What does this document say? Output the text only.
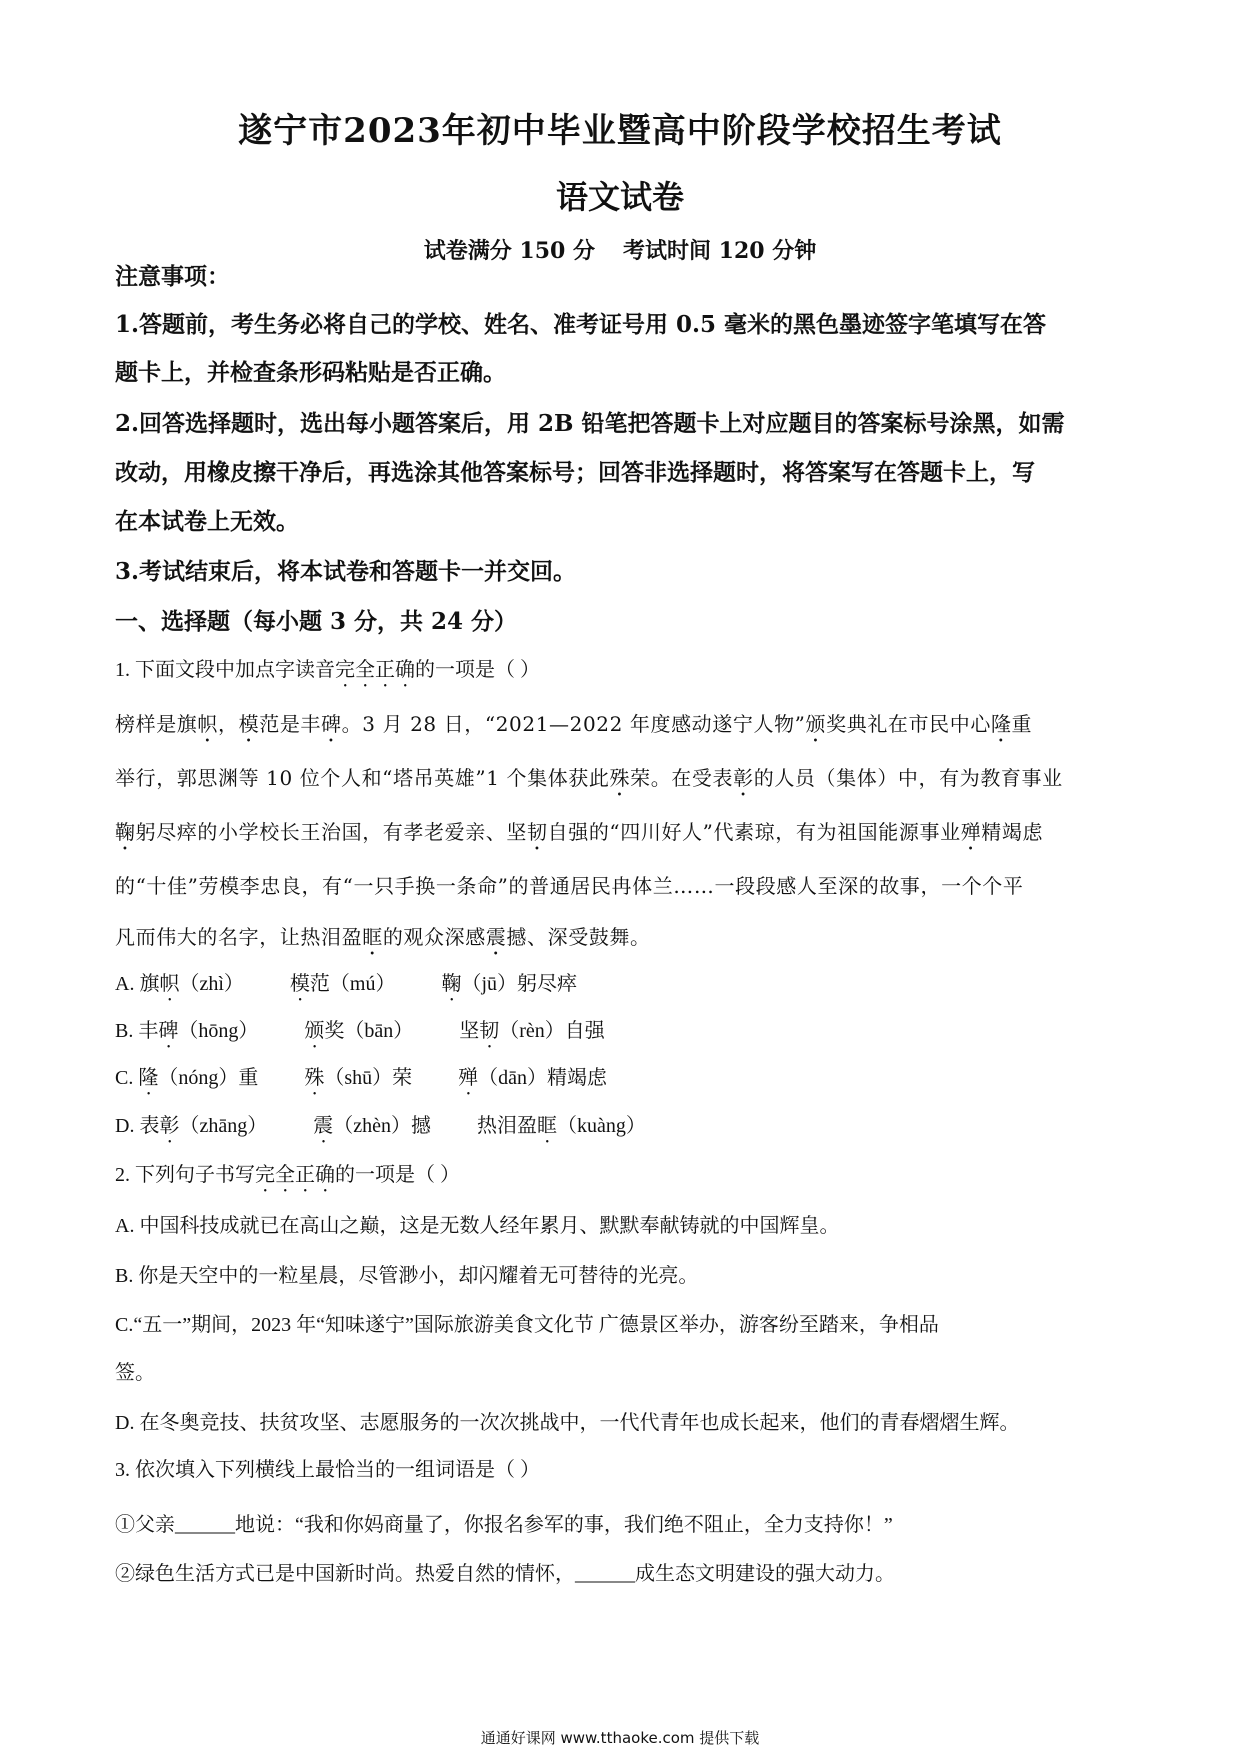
遂宁市2023年初中毕业暨高中阶段学校招生考试
语文试卷
试卷满分 150 分 考试时间 120 分钟
注意事项：
1.答题前，考生务必将自己的学校、姓名、准考证号用 0.5 毫米的黑色墨迹签字笔填写在答
题卡上，并检查条形码粘贴是否正确。
2.回答选择题时，选出每小题答案后，用 2B 铅笔把答题卡上对应题目的答案标号涂黑，如需
改动，用橡皮擦干净后，再选涂其他答案标号；回答非选择题时，将答案写在答题卡上，写
在本试卷上无效。
3.考试结束后，将本试卷和答题卡一并交回。
一、选择题（每小题 3 分，共 24 分）
1. 下面文段中加点字读音完全正确的一项是（ ）
榜样是旗帜，模范是丰碑。3 月 28 日，“2021—2022 年度感动遂宁人物”颁奖典礼在市民中心隆重
举行，郭思渊等 10 位个人和“塔吊英雄”1 个集体获此殊荣。在受表彰的人员（集体）中，有为教育事业
鞠躬尽瘁的小学校长王治国，有孝老爱亲、坚韧自强的“四川好人”代素琼，有为祖国能源事业殚精竭虑
的“十佳”劳模李忠良，有“一只手换一条命”的普通居民冉体兰……一段段感人至深的故事，一个个平
凡而伟大的名字，让热泪盈眶的观众深感震撼、深受鼓舞。
A. 旗帜（zhì） 模范（mú） 鞠（jū）躬尽瘁
B. 丰碑（hōng） 颁奖（bān） 坚韧（rèn）自强
C. 隆（nóng）重 殊（shū）荣 殚（dān）精竭虑
D. 表彰（zhāng） 震（zhèn）撼 热泪盈眶（kuàng）
2. 下列句子书写完全正确的一项是（ ）
A. 中国科技成就已在高山之巅，这是无数人经年累月、默默奉献铸就的中国辉皇。
B. 你是天空中的一粒星晨，尽管渺小，却闪耀着无可替待的光亮。
C.“五一”期间，2023 年“知味遂宁”国际旅游美食文化节 广德景区举办，游客纷至踏来，争相品
签。
D. 在冬奥竞技、扶贫攻坚、志愿服务的一次次挑战中，一代代青年也成长起来，他们的青春熠熠生辉。
3. 依次填入下列横线上最恰当的一组词语是（ ）
①父亲______地说：“我和你妈商量了，你报名参军的事，我们绝不阻止，全力支持你！”
②绿色生活方式已是中国新时尚。热爱自然的情怀，______成生态文明建设的强大动力。
通通好课网 www.tthaoke.com 提供下载
